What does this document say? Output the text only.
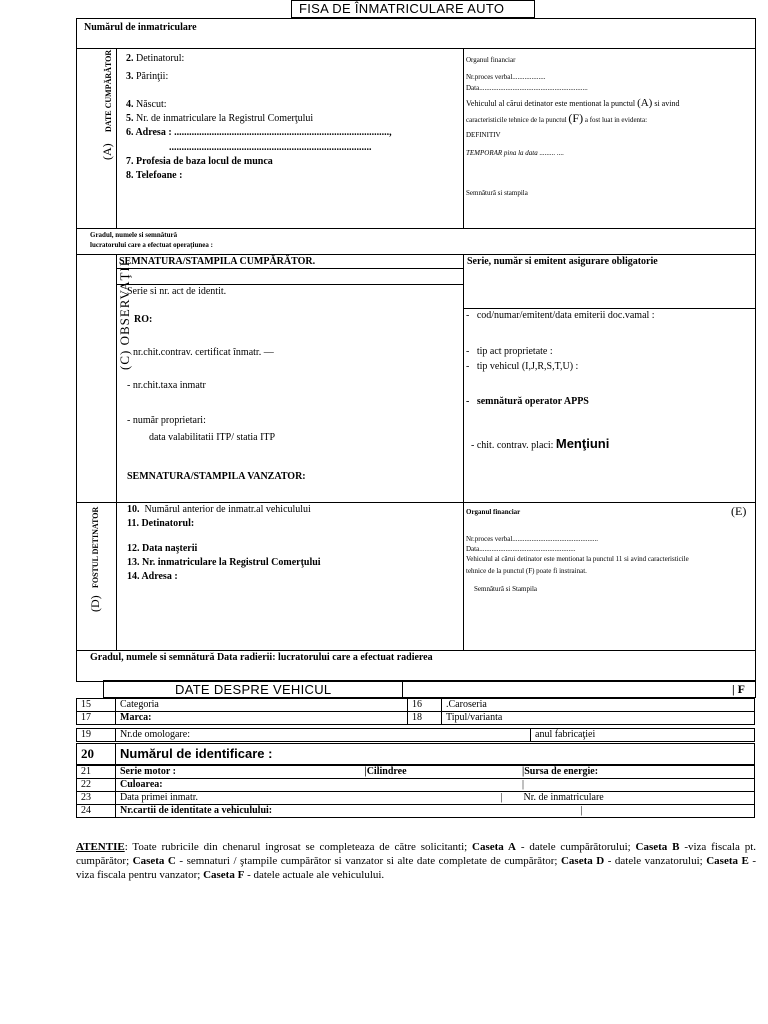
FISA DE ÎNMATRICULARE AUTO
Numărul de inmatriculare
(A)
DATE CUMPĂRĂTOR 2. Detinatorul:
3. Părinţii:
4. Născut:
5. Nr. de inmatriculare la Registrul Comerţului
6. Adresa : ......................................................................................,
.................................................................................
7. Profesia de baza locul de munca
8. Telefoane :
Organul financiar
Nr.proces verbal...................
Data..............................................................
Vehiculul al cărui detinator este mentionat la punctul (A) si avind
caracteristicile tehnice de la punctul (F) a fost luat in evidenta:
DEFINITIV
TEMPORAR pina la data ......... ....
Semnătură si stampila
Gradul, numele si semnătură
lucratorului care a efectuat operaţiunea :
(C) OBSERVAŢII
SEMNATURA/STAMPILA CUMPĂRĂTOR.
Serie si nr. act de identit.
RO:
nr.chit.contrav. certificat înmatr. —
- nr.chit.taxa inmatr
- număr proprietari:
data valabilitatii ITP/ statia ITP
SEMNATURA/STAMPILA VANZATOR:
Serie, număr si emitent asigurare obligatorie
-   cod/numar/emitent/data emiterii doc.vamal :
-   tip act proprietate :
-   tip vehicul (I,J,R,S,T,U) :
-   semnătură operator APPS
- chit. contrav. placi: Menţiuni
(D)
FOSTUL DETINATOR	10. Numărul anterior de inmatr.al vehiculului
11. Detinatorul:
12. Data naşterii
13. Nr. inmatriculare la Registrul Comerţului
14. Adresa :
Organul financiar	(E)
Nr.proces verbal.................................................
Data.......................................................
Vehiculul al cărui detinator este mentionat la punctul 11 si avind caracteristicile
tehnice de la punctul (F) poate fi instrainat.
Semnătură si Stampila
Gradul, numele si semnătură Data radierii: lucratorului care a efectuat radierea
DATE DESPRE VEHICUL	| F
15	Categoria	16	.Caroseria
17	Marca:	18	Tipul/varianta
19	Nr.de omologare:	anul fabricaţiei
20	Numărul de identificare :
21	Serie motor : |Cilindree	|Sursa de energie:
22	Culoarea:	|
23	Data primei inmatr. | Nr. de inmatriculare	

24	Nr.cartii de identitate a vehiculului: |	

ATENTIE: Toate rubricile din chenarul ingrosat se completeaza de către solicitanti; Caseta A - datele cumpărătorului; Caseta B -viza fiscala pt. cumpărător; Caseta C - semnaturi / ştampile cumpărător si vanzator si alte date completate de cumpărător; Caseta D - datele vanzatorului; Caseta E - viza fiscala pentru vanzator; Caseta F - datele actuale ale vehiculului.
